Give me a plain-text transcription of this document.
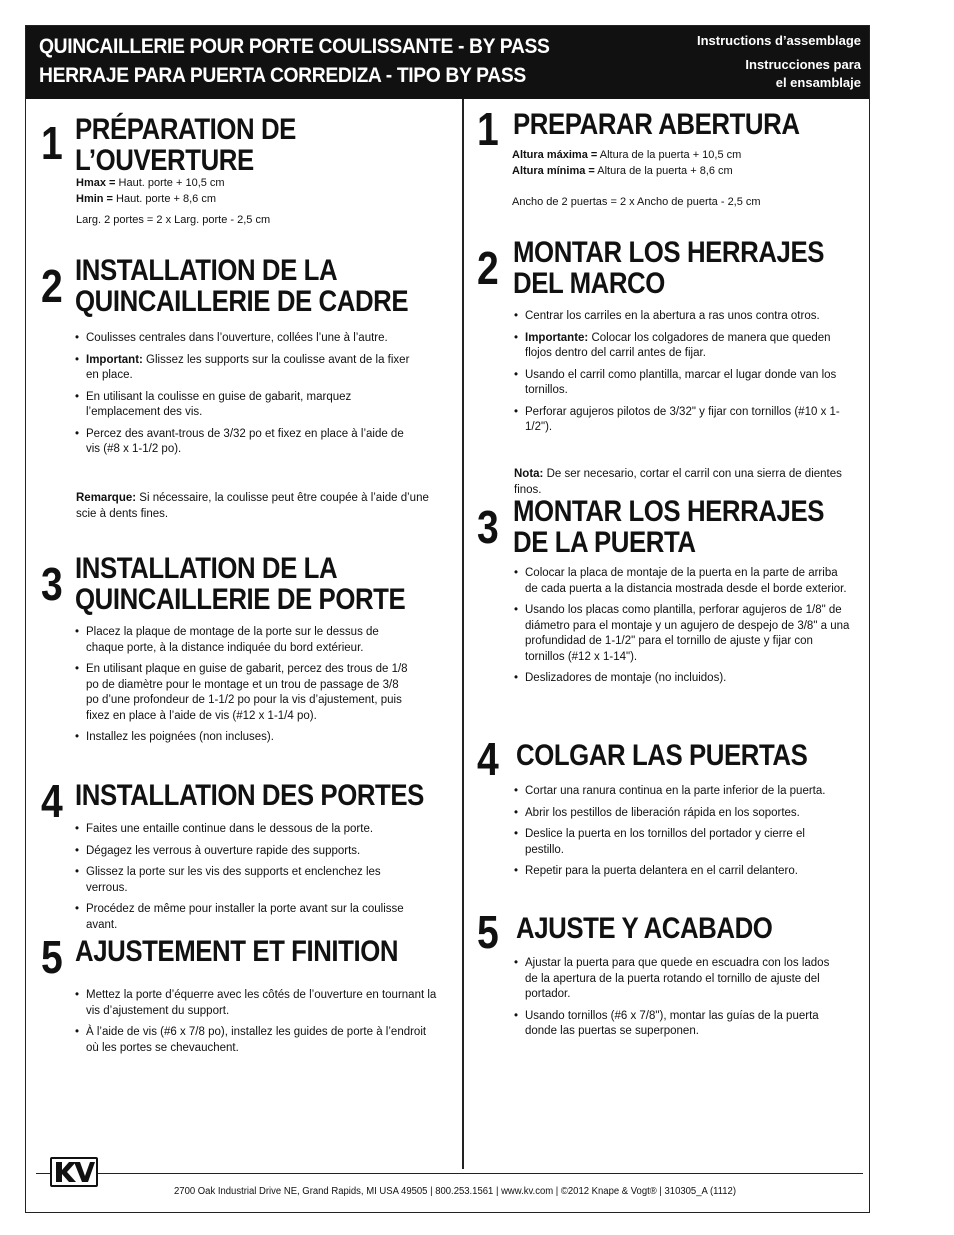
QUINCAILLERIE POUR PORTE COULISSANTE - BY PASS
HERRAJE PARA PUERTA CORREDIZA - TIPO BY PASS
Instructions d’assemblage
Instrucciones para
el ensamblaje
1 PRÉPARATION DE
L’OUVERTURE
Hmax = Haut. porte + 10,5 cm
Hmin = Haut. porte + 8,6 cm
Larg. 2 portes = 2 x Larg. porte - 2,5 cm
2 INSTALLATION DE LA
QUINCAILLERIE DE CADRE
• Coulisses centrales dans l’ouverture, collées l’une à l’autre.
• Important: Glissez les supports sur la coulisse avant de la fixer en place.
• En utilisant la coulisse en guise de gabarit, marquez l’emplacement des vis.
• Percez des avant-trous de 3/32 po et fixez en place à l’aide de vis (#8 x 1-1/2 po).
Remarque: Si nécessaire, la coulisse peut être coupée à l’aide d’une scie à dents fines.
3 INSTALLATION DE LA
QUINCAILLERIE DE PORTE
• Placez la plaque de montage de la porte sur le dessus de chaque porte, à la distance indiquée du bord extérieur.
• En utilisant plaque en guise de gabarit, percez des trous de 1/8 po de diamètre pour le montage et un trou de passage de 3/8 po d’une profondeur de 1-1/2 po pour la vis d’ajustement, puis fixez en place à l’aide de vis (#12 x 1-1/4 po).
• Installez les poignées (non incluses).
4 INSTALLATION DES PORTES
• Faites une entaille continue dans le dessous de la porte.
• Dégagez les verrous à ouverture rapide des supports.
• Glissez la porte sur les vis des supports et enclenchez les verrous.
• Procédez de même pour installer la porte avant sur la coulisse avant.
5 AJUSTEMENT ET FINITION
• Mettez la porte d’équerre avec les côtés de l’ouverture en tournant la vis d’ajustement du support.
• À l’aide de vis (#6 x 7/8 po), installez les guides de porte à l’endroit où les portes se chevauchent.
1 PREPARAR ABERTURA
Altura máxima = Altura de la puerta + 10,5 cm
Altura mínima = Altura de la puerta + 8,6 cm
Ancho de 2 puertas = 2 x Ancho de puerta - 2,5 cm
2 MONTAR LOS HERRAJES
DEL MARCO
• Centrar los carriles en la abertura a ras unos contra otros.
• Importante: Colocar los colgadores de manera que queden flojos dentro del carril antes de fijar.
• Usando el carril como plantilla, marcar el lugar donde van los tornillos.
• Perforar agujeros pilotos de 3/32" y fijar con tornillos (#10 x 1-1/2").
Nota: De ser necesario, cortar el carril con una sierra de dientes finos.
3 MONTAR LOS HERRAJES
DE LA PUERTA
• Colocar la placa de montaje de la puerta en la parte de arriba de cada puerta a la distancia mostrada desde el borde exterior.
• Usando los placas como plantilla, perforar agujeros de 1/8" de diámetro para el montaje y un agujero de despejo de 3/8" a una profundidad de 1-1/2" para el tornillo de ajuste y fijar con tornillos (#12 x 1-14").
• Deslizadores de montaje (no incluidos).
4 COLGAR LAS PUERTAS
• Cortar una ranura continua en la parte inferior de la puerta.
• Abrir los pestillos de liberación rápida en los soportes.
• Deslice la puerta en los tornillos del portador y cierre el pestillo.
• Repetir para la puerta delantera en el carril delantero.
5 AJUSTE Y ACABADO
• Ajustar la puerta para que quede en escuadra con los lados de la apertura de la puerta rotando el tornillo de ajuste del portador.
• Usando tornillos (#6 x 7/8"), montar las guías de la puerta donde las puertas se superponen.
2700 Oak Industrial Drive NE, Grand Rapids, MI USA 49505 | 800.253.1561 | www.kv.com | ©2012 Knape & Vogt® | 310305_A (1112)
